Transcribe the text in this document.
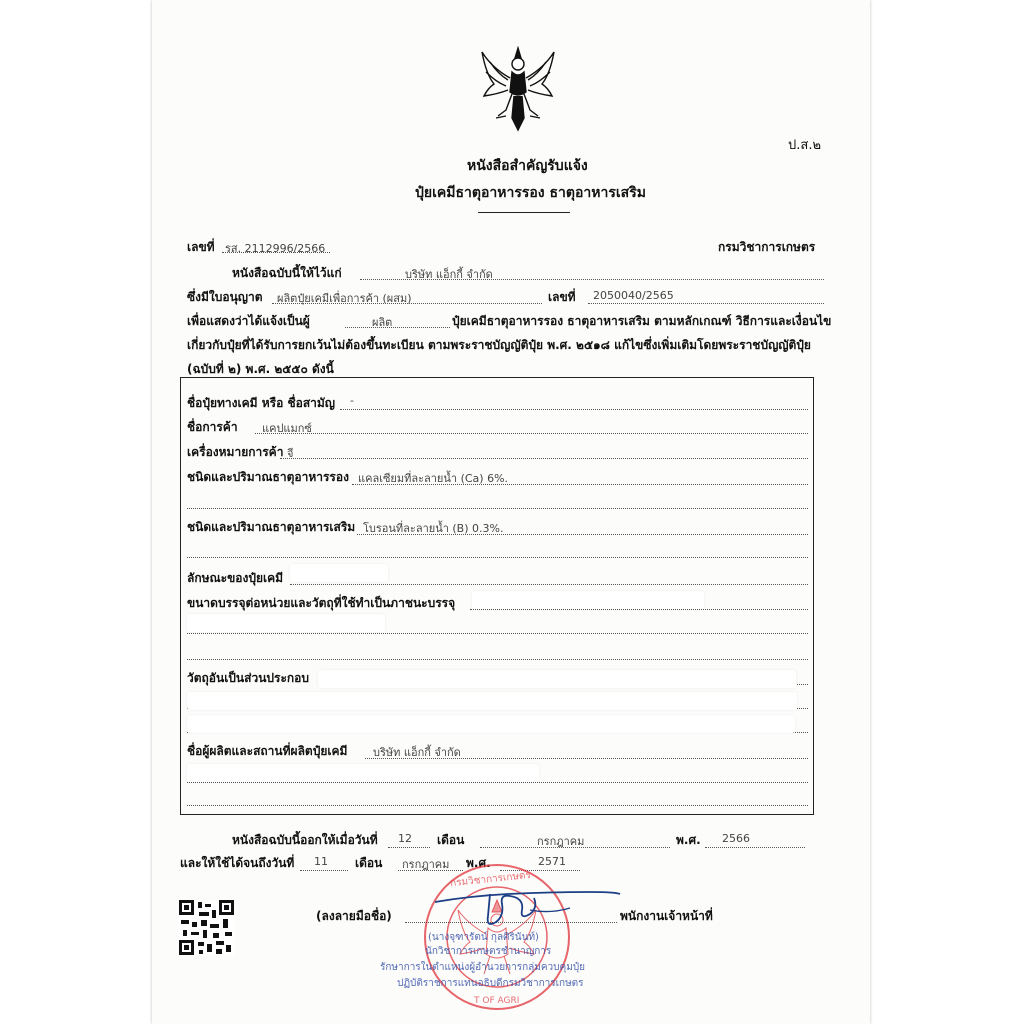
ป.ส.๒
หนังสือสำคัญรับแจ้ง
ปุ๋ยเคมีธาตุอาหารรอง ธาตุอาหารเสริม
เลขที่ รส. 2112996/2566	กรมวิชาการเกษตร
หนังสือฉบับนี้ให้ไว้แก่	บริษัท แอ็กกี้ จำกัด
ซึ่งมีใบอนุญาต ผลิตปุ๋ยเคมีเพื่อการค้า (ผสม)	เลขที่ 2050040/2565
เพื่อแสดงว่าได้แจ้งเป็นผู้	ผลิต	ปุ๋ยเคมีธาตุอาหารรอง ธาตุอาหารเสริม ตามหลักเกณฑ์ วิธีการและเงื่อนไข
เกี่ยวกับปุ๋ยที่ได้รับการยกเว้นไม่ต้องขึ้นทะเบียน ตามพระราชบัญญัติปุ๋ย พ.ศ. ๒๕๑๘ แก้ไขซึ่งเพิ่มเติมโดยพระราชบัญญัติปุ๋ย
(ฉบับที่ ๒) พ.ศ. ๒๕๕๐ ดังนี้
ชื่อปุ๋ยทางเคมี หรือ ชื่อสามัญ -
ชื่อการค้า แคปแมกซ์
เครื่องหมายการค้า จี
ชนิดและปริมาณธาตุอาหารรอง แคลเซียมที่ละลายน้ำ (Ca) 6%.
ชนิดและปริมาณธาตุอาหารเสริม โบรอนที่ละลายน้ำ (B) 0.3%.
ลักษณะของปุ๋ยเคมี
ขนาดบรรจุต่อหน่วยและวัตถุที่ใช้ทำเป็นภาชนะบรรจุ
วัตถุอันเป็นส่วนประกอบ
ชื่อผู้ผลิตและสถานที่ผลิตปุ๋ยเคมี บริษัท แอ็กกี้ จำกัด
หนังสือฉบับนี้ออกให้เมื่อวันที่ 12 เดือน	กรกฎาคม	พ.ศ. 2566
และให้ใช้ได้จนถึงวันที่ 11 เดือน กรกฎาคม พ.ศ.	2571
กรมวิชาการเกษตร
T OF AGRI
(ลงลายมือชื่อ)	พนักงานเจ้าหน้าที่
(นางจุฑารัตน์ กุลศิรินันท์)
นักวิชาการเกษตรชำนาญการ
รักษาการในตำแหน่งผู้อำนวยการกลุ่มควบคุมปุ๋ย
ปฏิบัติราชการแทนอธิบดีกรมวิชาการเกษตร
